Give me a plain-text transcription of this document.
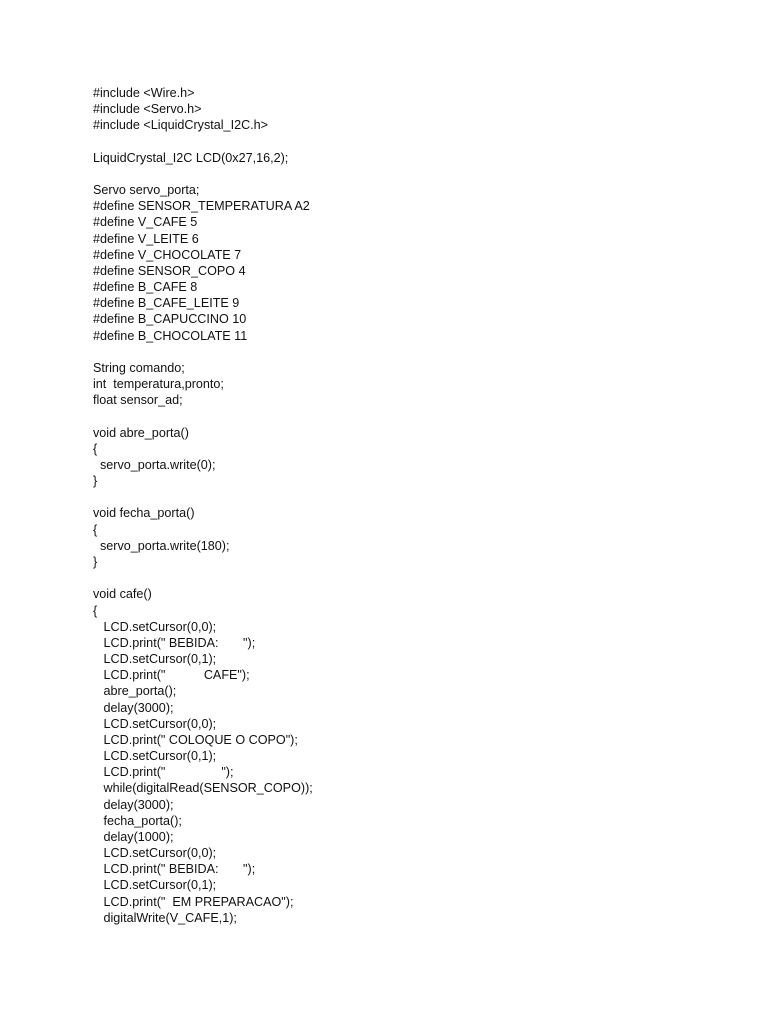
#include <Wire.h>
#include <Servo.h>
#include <LiquidCrystal_I2C.h>
LiquidCrystal_I2C LCD(0x27,16,2);
Servo servo_porta;
#define SENSOR_TEMPERATURA A2
#define V_CAFE 5
#define V_LEITE 6
#define V_CHOCOLATE 7
#define SENSOR_COPO 4
#define B_CAFE 8
#define B_CAFE_LEITE 9
#define B_CAPUCCINO 10
#define B_CHOCOLATE 11
String comando;
int  temperatura,pronto;
float sensor_ad;
void abre_porta()
{
servo_porta.write(0);
}
void fecha_porta()
{
servo_porta.write(180);
}
void cafe()
{
LCD.setCursor(0,0);
LCD.print(" BEBIDA:       ");
LCD.setCursor(0,1);
LCD.print("           CAFE");
abre_porta();
delay(3000);
LCD.setCursor(0,0);
LCD.print(" COLOQUE O COPO");
LCD.setCursor(0,1);
LCD.print("                ");
while(digitalRead(SENSOR_COPO));
delay(3000);
fecha_porta();
delay(1000);
LCD.setCursor(0,0);
LCD.print(" BEBIDA:       ");
LCD.setCursor(0,1);
LCD.print("  EM PREPARACAO");
digitalWrite(V_CAFE,1);
